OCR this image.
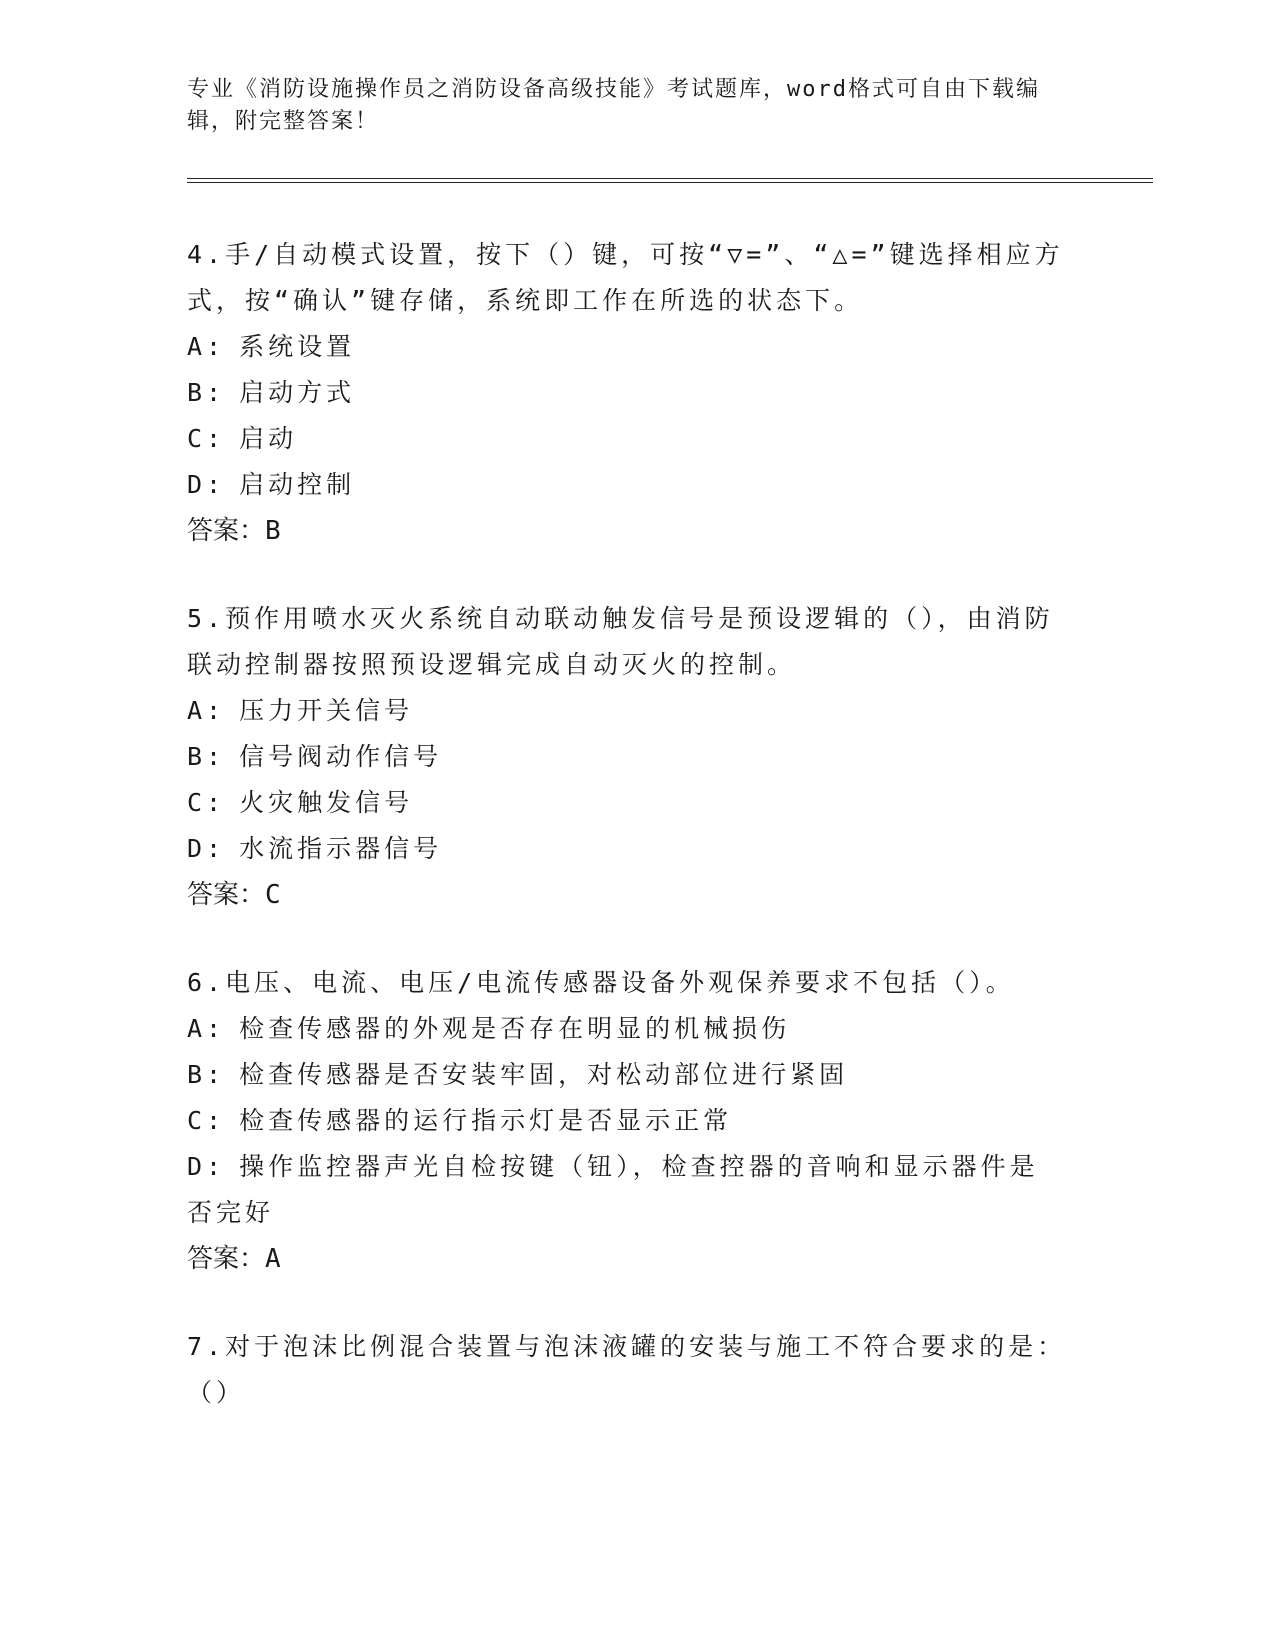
专业《消防设施操作员之消防设备高级技能》考试题库，word格式可自由下载编辑，附完整答案！

4.手/自动模式设置，按下（）键，可按“▽=”、“△=”键选择相应方式，按“确认”键存储，系统即工作在所选的状态下。

A: 系统设置

B: 启动方式

C: 启动

D: 启动控制

答案：B

5.预作用喷水灭火系统自动联动触发信号是预设逻辑的（），由消防联动控制器按照预设逻辑完成自动灭火的控制。

A: 压力开关信号

B: 信号阀动作信号

C: 火灾触发信号

D: 水流指示器信号

答案：C

6.电压、电流、电压/电流传感器设备外观保养要求不包括（）。

A: 检查传感器的外观是否存在明显的机械损伤

B: 检查传感器是否安装牢固，对松动部位进行紧固

C: 检查传感器的运行指示灯是否显示正常

D: 操作监控器声光自检按键（钮），检查控器的音响和显示器件是否完好

答案：A

7.对于泡沫比例混合装置与泡沫液罐的安装与施工不符合要求的是：（）
